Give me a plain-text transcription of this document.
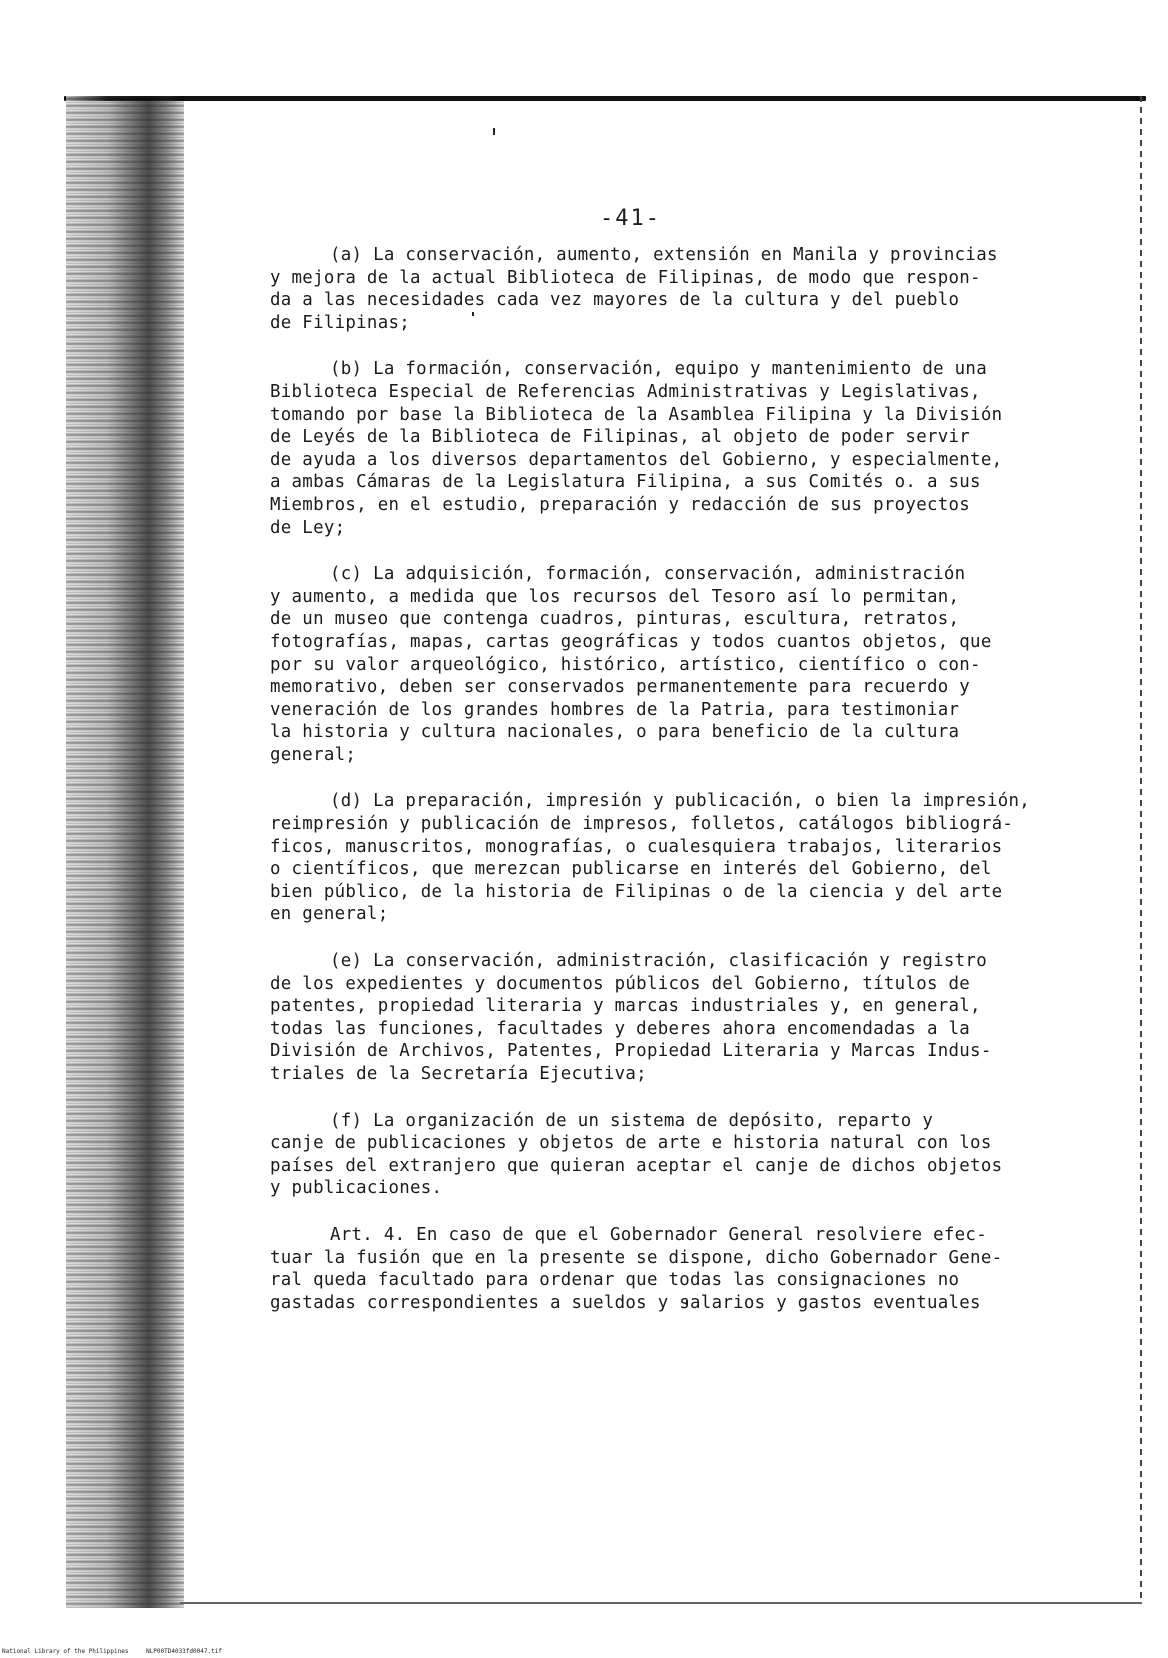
-41-
(a) La conservación, aumento, extensión en Manila y provincias
y mejora de la actual Biblioteca de Filipinas, de modo que respon-
da a las necesidades cada vez mayores de la cultura y del pueblo
de Filipinas;
(b) La formación, conservación, equipo y mantenimiento de una
Biblioteca Especial de Referencias Administrativas y Legislativas,
tomando por base la Biblioteca de la Asamblea Filipina y la División
de Leyés de la Biblioteca de Filipinas, al objeto de poder servir
de ayuda a los diversos departamentos del Gobierno, y especialmente,
a ambas Cámaras de la Legislatura Filipina, a sus Comités o. a sus
Miembros, en el estudio, preparación y redacción de sus proyectos
de Ley;
(c) La adquisición, formación, conservación, administración
y aumento, a medida que los recursos del Tesoro así lo permitan,
de un museo que contenga cuadros, pinturas, escultura, retratos,
fotografías, mapas, cartas geográficas y todos cuantos objetos, que
por su valor arqueológico, histórico, artístico, científico o con-
memorativo, deben ser conservados permanentemente para recuerdo y
veneración de los grandes hombres de la Patria, para testimoniar
la historia y cultura nacionales, o para beneficio de la cultura
general;
(d) La preparación, impresión y publicación, o bien la impresión,
reimpresión y publicación de impresos, folletos, catálogos bibliográ-
ficos, manuscritos, monografías, o cualesquiera trabajos, literarios
o científicos, que merezcan publicarse en interés del Gobierno, del
bien público, de la historia de Filipinas o de la ciencia y del arte
en general;
(e) La conservación, administración, clasificación y registro
de los expedientes y documentos públicos del Gobierno, títulos de
patentes, propiedad literaria y marcas industriales y, en general,
todas las funciones, facultades y deberes ahora encomendadas a la
División de Archivos, Patentes, Propiedad Literaria y Marcas Indus-
triales de la Secretaría Ejecutiva;
(f) La organización de un sistema de depósito, reparto y
canje de publicaciones y objetos de arte e historia natural con los
países del extranjero que quieran aceptar el canje de dichos objetos
y publicaciones.
Art. 4. En caso de que el Gobernador General resolviere efec-
tuar la fusión que en la presente se dispone, dicho Gobernador Gene-
ral queda facultado para ordenar que todas las consignaciones no
gastadas correspondientes a sueldos y salarios y gastos eventuales
National Library of the Philippines	NLP00TD4033fd0047.tif
